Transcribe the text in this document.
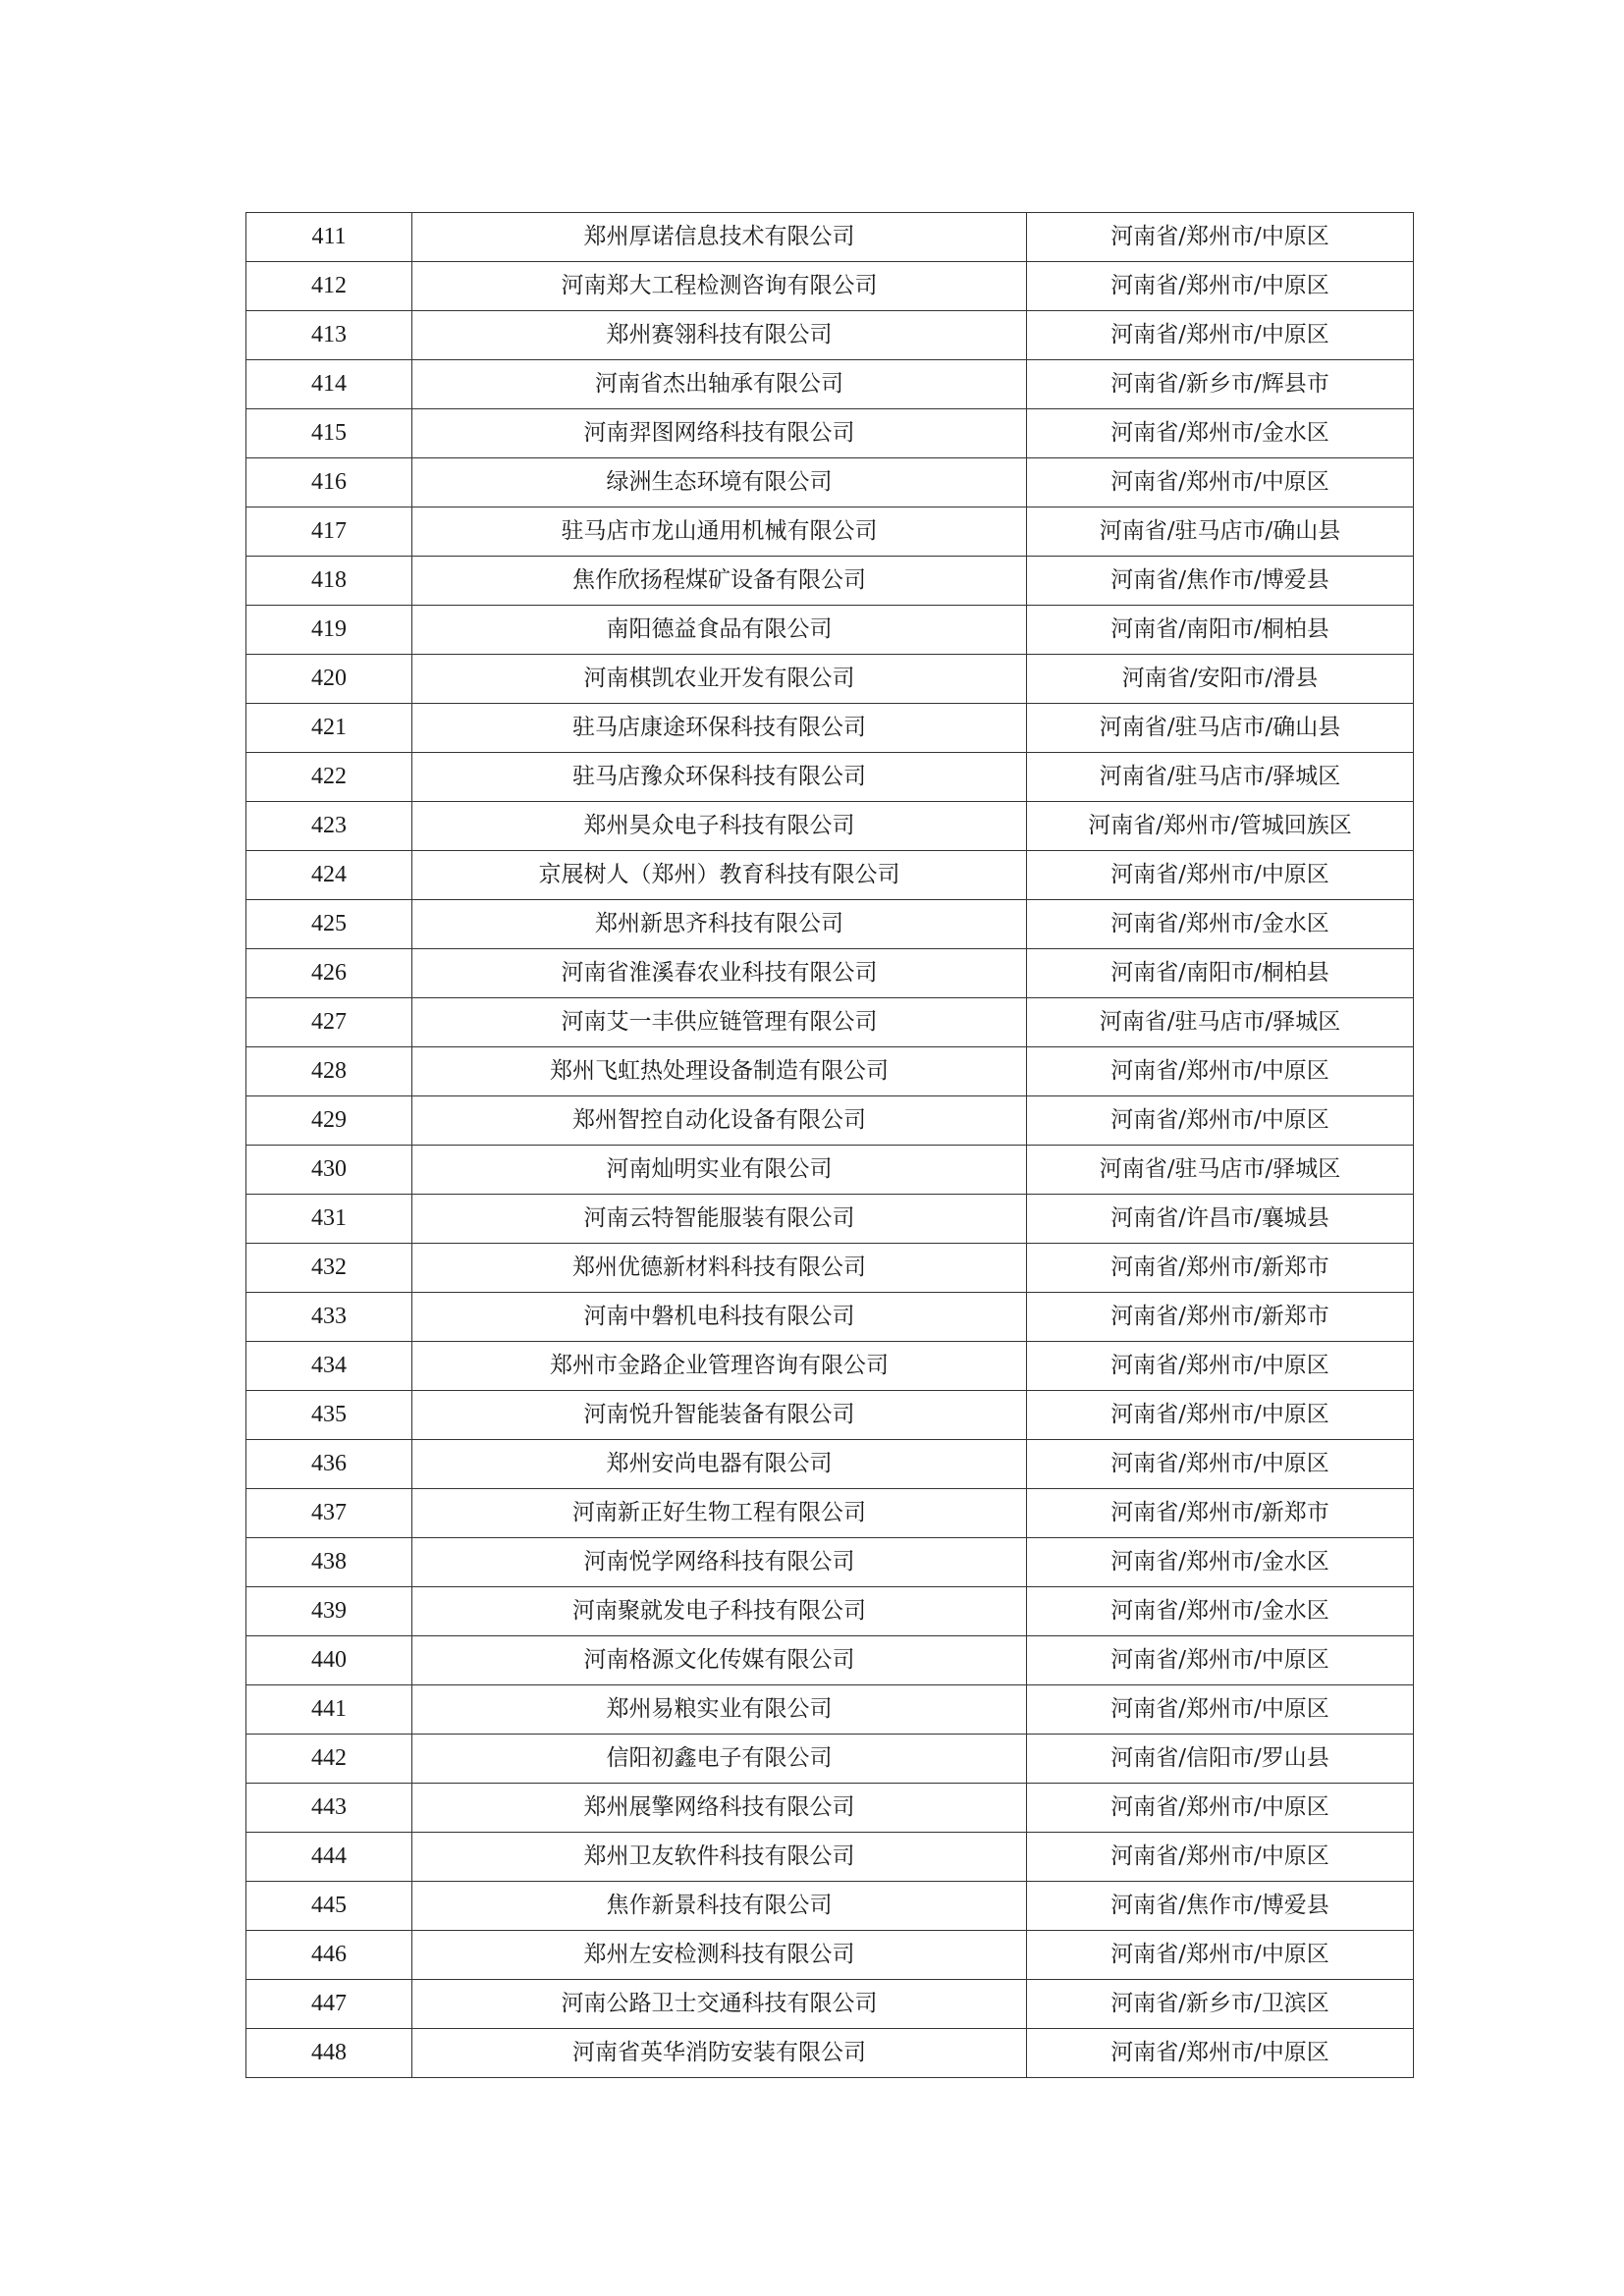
411	郑州厚诺信息技术有限公司	河南省/郑州市/中原区
412	河南郑大工程检测咨询有限公司	河南省/郑州市/中原区
413	郑州赛翎科技有限公司	河南省/郑州市/中原区
414	河南省杰出轴承有限公司	河南省/新乡市/辉县市
415	河南羿图网络科技有限公司	河南省/郑州市/金水区
416	绿洲生态环境有限公司	河南省/郑州市/中原区
417	驻马店市龙山通用机械有限公司	河南省/驻马店市/确山县
418	焦作欣扬程煤矿设备有限公司	河南省/焦作市/博爱县
419	南阳德益食品有限公司	河南省/南阳市/桐柏县
420	河南棋凯农业开发有限公司	河南省/安阳市/滑县
421	驻马店康途环保科技有限公司	河南省/驻马店市/确山县
422	驻马店豫众环保科技有限公司	河南省/驻马店市/驿城区
423	郑州昊众电子科技有限公司	河南省/郑州市/管城回族区
424	京展树人（郑州）教育科技有限公司	河南省/郑州市/中原区
425	郑州新思齐科技有限公司	河南省/郑州市/金水区
426	河南省淮溪春农业科技有限公司	河南省/南阳市/桐柏县
427	河南艾一丰供应链管理有限公司	河南省/驻马店市/驿城区
428	郑州飞虹热处理设备制造有限公司	河南省/郑州市/中原区
429	郑州智控自动化设备有限公司	河南省/郑州市/中原区
430	河南灿明实业有限公司	河南省/驻马店市/驿城区
431	河南云特智能服装有限公司	河南省/许昌市/襄城县
432	郑州优德新材料科技有限公司	河南省/郑州市/新郑市
433	河南中磐机电科技有限公司	河南省/郑州市/新郑市
434	郑州市金路企业管理咨询有限公司	河南省/郑州市/中原区
435	河南悦升智能装备有限公司	河南省/郑州市/中原区
436	郑州安尚电器有限公司	河南省/郑州市/中原区
437	河南新正好生物工程有限公司	河南省/郑州市/新郑市
438	河南悦学网络科技有限公司	河南省/郑州市/金水区
439	河南聚就发电子科技有限公司	河南省/郑州市/金水区
440	河南格源文化传媒有限公司	河南省/郑州市/中原区
441	郑州易粮实业有限公司	河南省/郑州市/中原区
442	信阳初鑫电子有限公司	河南省/信阳市/罗山县
443	郑州展擎网络科技有限公司	河南省/郑州市/中原区
444	郑州卫友软件科技有限公司	河南省/郑州市/中原区
445	焦作新景科技有限公司	河南省/焦作市/博爱县
446	郑州左安检测科技有限公司	河南省/郑州市/中原区
447	河南公路卫士交通科技有限公司	河南省/新乡市/卫滨区
448	河南省英华消防安装有限公司	河南省/郑州市/中原区
